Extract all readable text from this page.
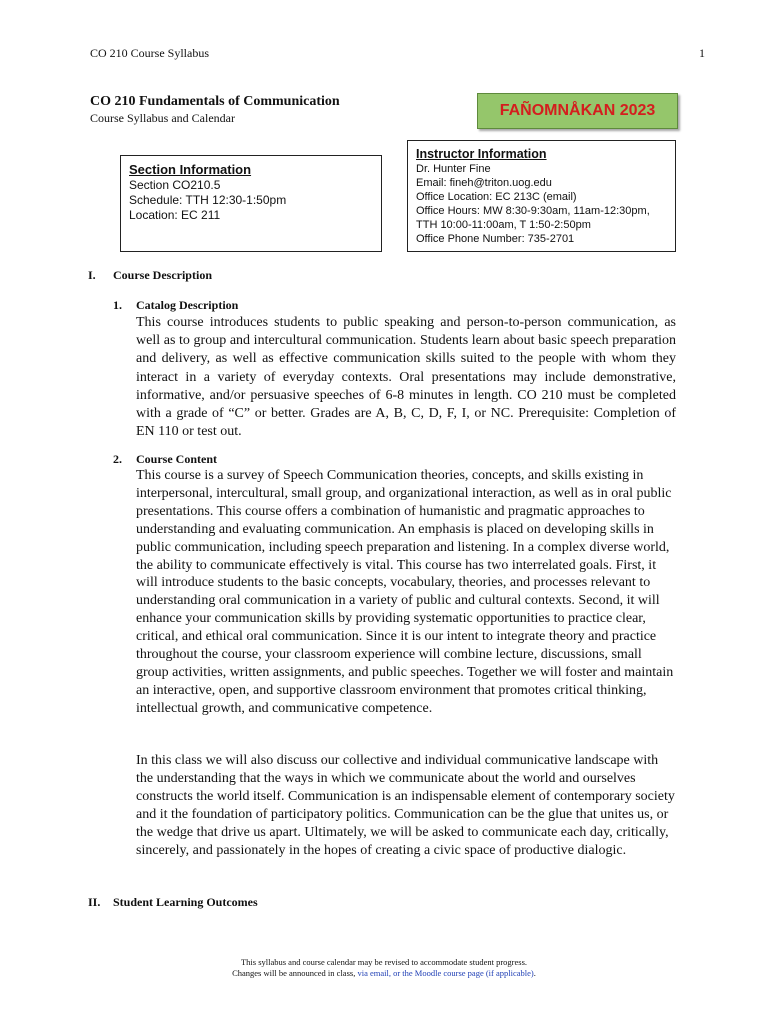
CO 210 Course Syllabus	1
CO 210 Fundamentals of Communication
Course Syllabus and Calendar	FAÑOMNÅKAN 2023
Section Information
Section CO210.5
Schedule: TTH 12:30-1:50pm
Location: EC 211
Instructor Information
Dr. Hunter Fine
Email: fineh@triton.uog.edu
Office Location: EC 213C (email)
Office Hours: MW 8:30-9:30am, 11am-12:30pm,
TTH 10:00-11:00am, T 1:50-2:50pm
Office Phone Number: 735-2701
I. Course Description
1. Catalog Description
This course introduces students to public speaking and person-to-person communication, as well as to group and intercultural communication. Students learn about basic speech preparation and delivery, as well as effective communication skills suited to the people with whom they interact in a variety of everyday contexts. Oral presentations may include demonstrative, informative, and/or persuasive speeches of 6-8 minutes in length. CO 210 must be completed with a grade of “C” or better. Grades are A, B, C, D, F, I, or NC. Prerequisite: Completion of EN 110 or test out.
2. Course Content
This course is a survey of Speech Communication theories, concepts, and skills existing in interpersonal, intercultural, small group, and organizational interaction, as well as in oral public presentations. This course offers a combination of humanistic and pragmatic approaches to understanding and evaluating communication. An emphasis is placed on developing skills in public communication, including speech preparation and listening. In a complex diverse world, the ability to communicate effectively is vital. This course has two interrelated goals. First, it will introduce students to the basic concepts, vocabulary, theories, and processes relevant to understanding oral communication in a variety of public and cultural contexts. Second, it will enhance your communication skills by providing systematic opportunities to practice clear, critical, and ethical oral communication. Since it is our intent to integrate theory and practice throughout the course, your classroom experience will combine lecture, discussions, small group activities, written assignments, and public speeches. Together we will foster and maintain an interactive, open, and supportive classroom environment that promotes critical thinking, intellectual growth, and communicative competence.
In this class we will also discuss our collective and individual communicative landscape with the understanding that the ways in which we communicate about the world and ourselves constructs the world itself. Communication is an indispensable element of contemporary society and it the foundation of participatory politics. Communication can be the glue that unites us, or the wedge that drive us apart. Ultimately, we will be asked to communicate each day, critically, sincerely, and passionately in the hopes of creating a civic space of productive dialogic.
II. Student Learning Outcomes
This syllabus and course calendar may be revised to accommodate student progress.
Changes will be announced in class, via email, or the Moodle course page (if applicable).
